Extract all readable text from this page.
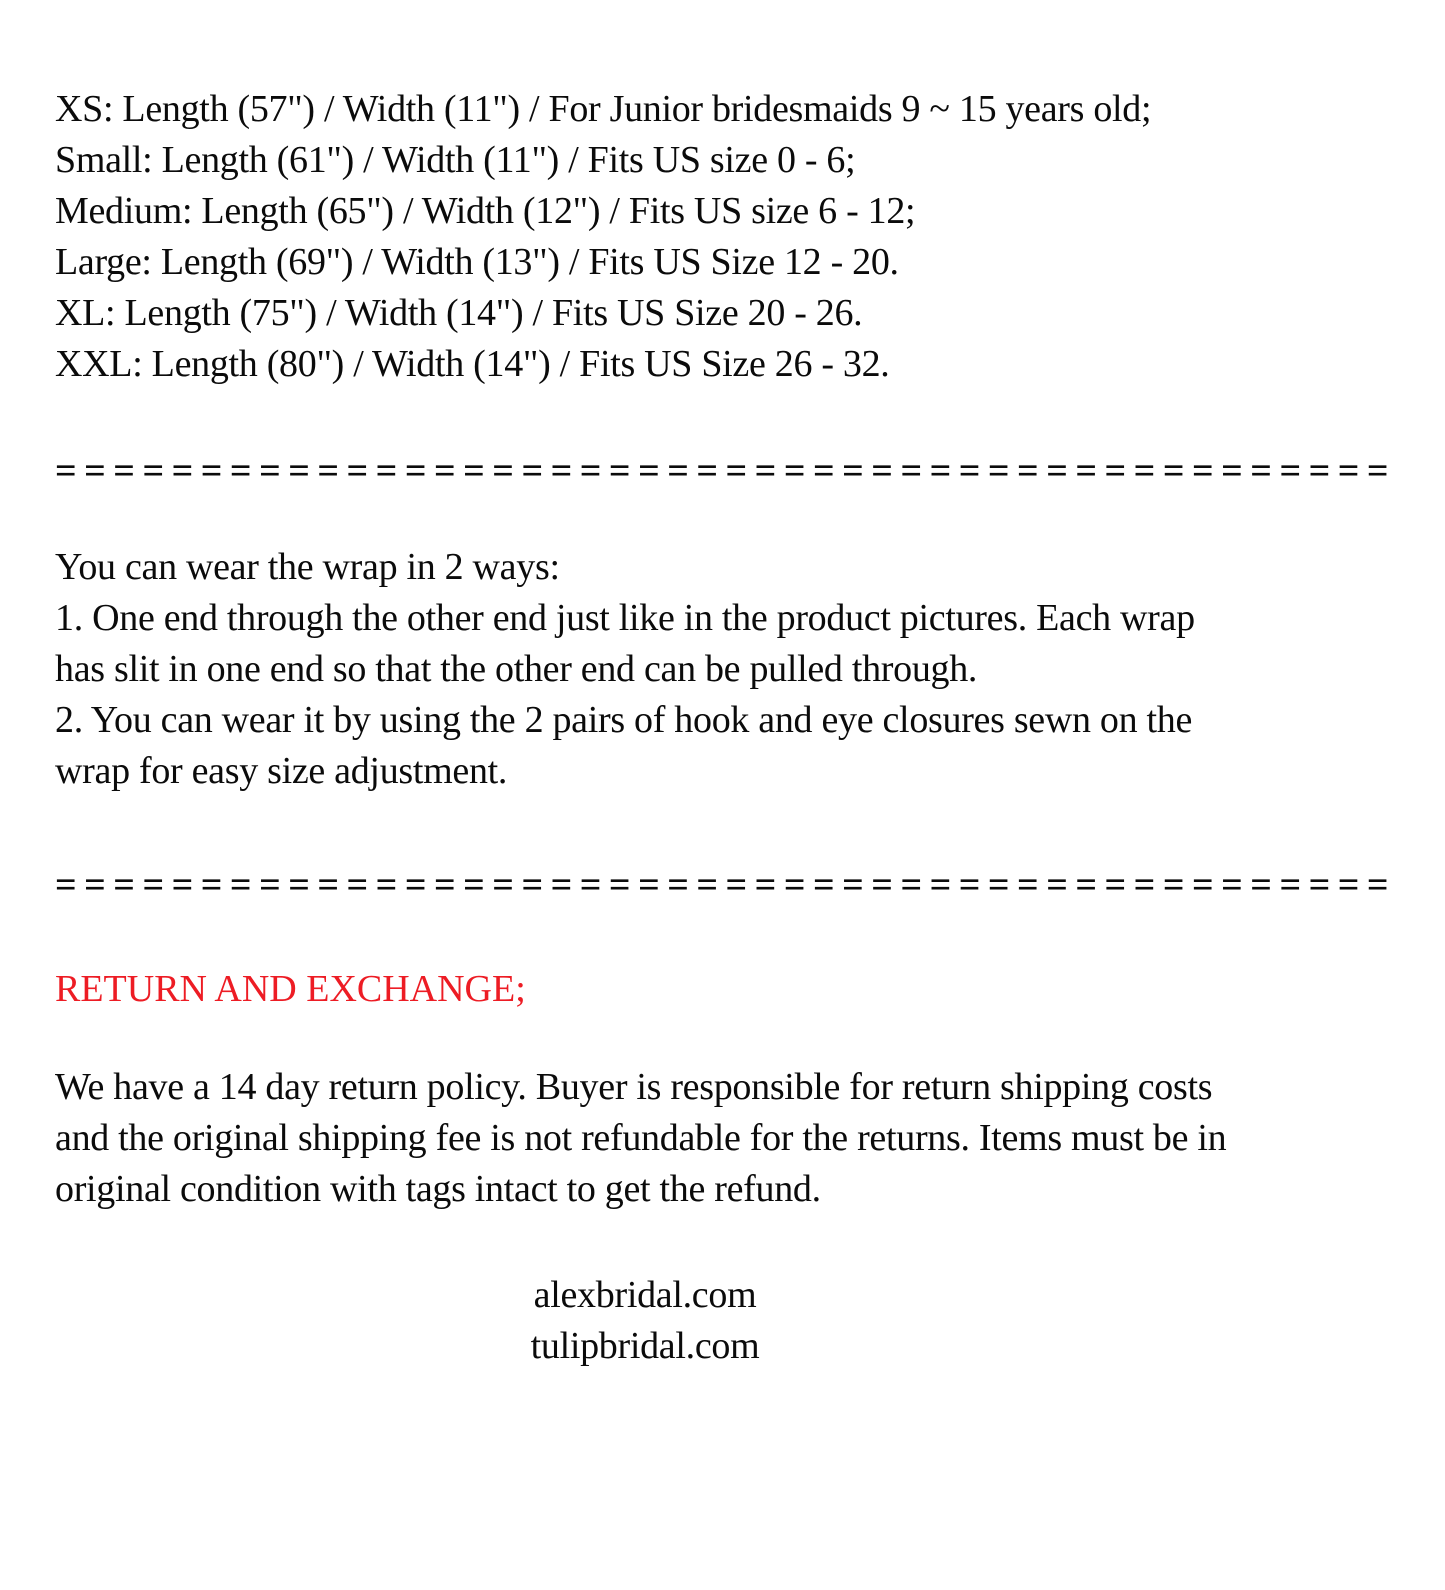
XS: Length (57") / Width (11") / For Junior bridesmaids 9 ~ 15 years old;
Small: Length (61") / Width (11") / Fits US size 0 - 6;
Medium: Length (65") / Width (12") / Fits US size 6 - 12;
Large: Length (69") / Width (13") / Fits US Size 12 - 20.
XL: Length (75") / Width (14") / Fits US Size 20 - 26.
XXL: Length (80") / Width (14") / Fits US Size 26 - 32.
==============================================
You can wear the wrap in 2 ways:
1. One end through the other end just like in the product pictures. Each wrap
has slit in one end so that the other end can be pulled through.
2. You can wear it by using the 2 pairs of hook and eye closures sewn on the
wrap for easy size adjustment.
==============================================
RETURN AND EXCHANGE;
We have a 14 day return policy. Buyer is responsible for return shipping costs
and the original shipping fee is not refundable for the returns. Items must be in
original condition with tags intact to get the refund.
alexbridal.com
tulipbridal.com
